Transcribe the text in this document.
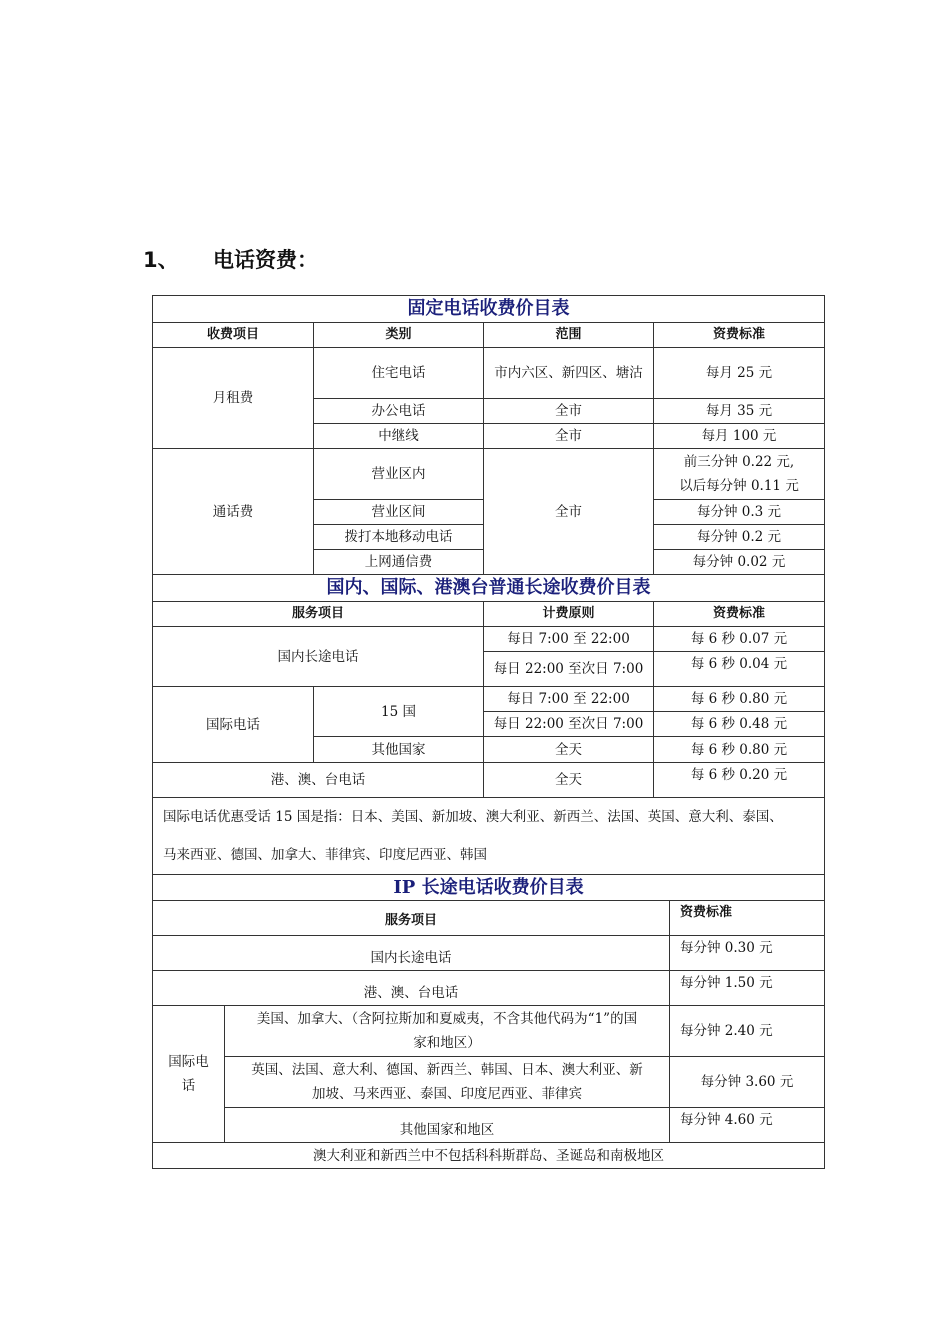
1、 电话资费：
固定电话收费价目表			
收费项目	类别	范围	资费标准
月租费	住宅电话	市内六区、新四区、塘沽	每月 25 元
	办公电话	全市	每月 35 元
	中继线	全市	每月 100 元
通话费	营业区内	全市	前三分钟 0.22 元,
以后每分钟 0.11 元

	营业区间		每分钟 0.3 元
	拨打本地移动电话		每分钟 0.2 元
	上网通信费		每分钟 0.02 元
国内、国际、港澳台普通长途收费价目表			
服务项目		计费原则	资费标准
国内长途电话		每日 7:00 至 22:00	每 6 秒 0.07 元
		每日 22:00 至次日 7:00	每 6 秒 0.04 元
国际电话	15 国	每日 7:00 至 22:00	每 6 秒 0.80 元
		每日 22:00 至次日 7:00	每 6 秒 0.48 元
	其他国家	全天	每 6 秒 0.80 元
港、澳、台电话		全天	每 6 秒 0.20 元

国际电话优惠受话 15 国是指：日本、美国、新加坡、澳大利亚、新西兰、法国、英国、意大利、泰国、
马来西亚、德国、加拿大、菲律宾、印度尼西亚、韩国			
IP 长途电话收费价目表		
服务项目		资费标准
国内长途电话		每分钟 0.30 元
港、澳、台电话		每分钟 1.50 元
国际电话	美国、加拿大、（含阿拉斯加和夏威夷，不含其他代码为“1”的国
家和地区）	每分钟 2.40 元

	英国、法国、意大利、德国、新西兰、韩国、日本、澳大利亚、新
加坡、马来西亚、泰国、印度尼西亚、菲律宾	每分钟 3.60 元
	其他国家和地区	每分钟 4.60 元
澳大利亚和新西兰中不包括科科斯群岛、圣诞岛和南极地区		
